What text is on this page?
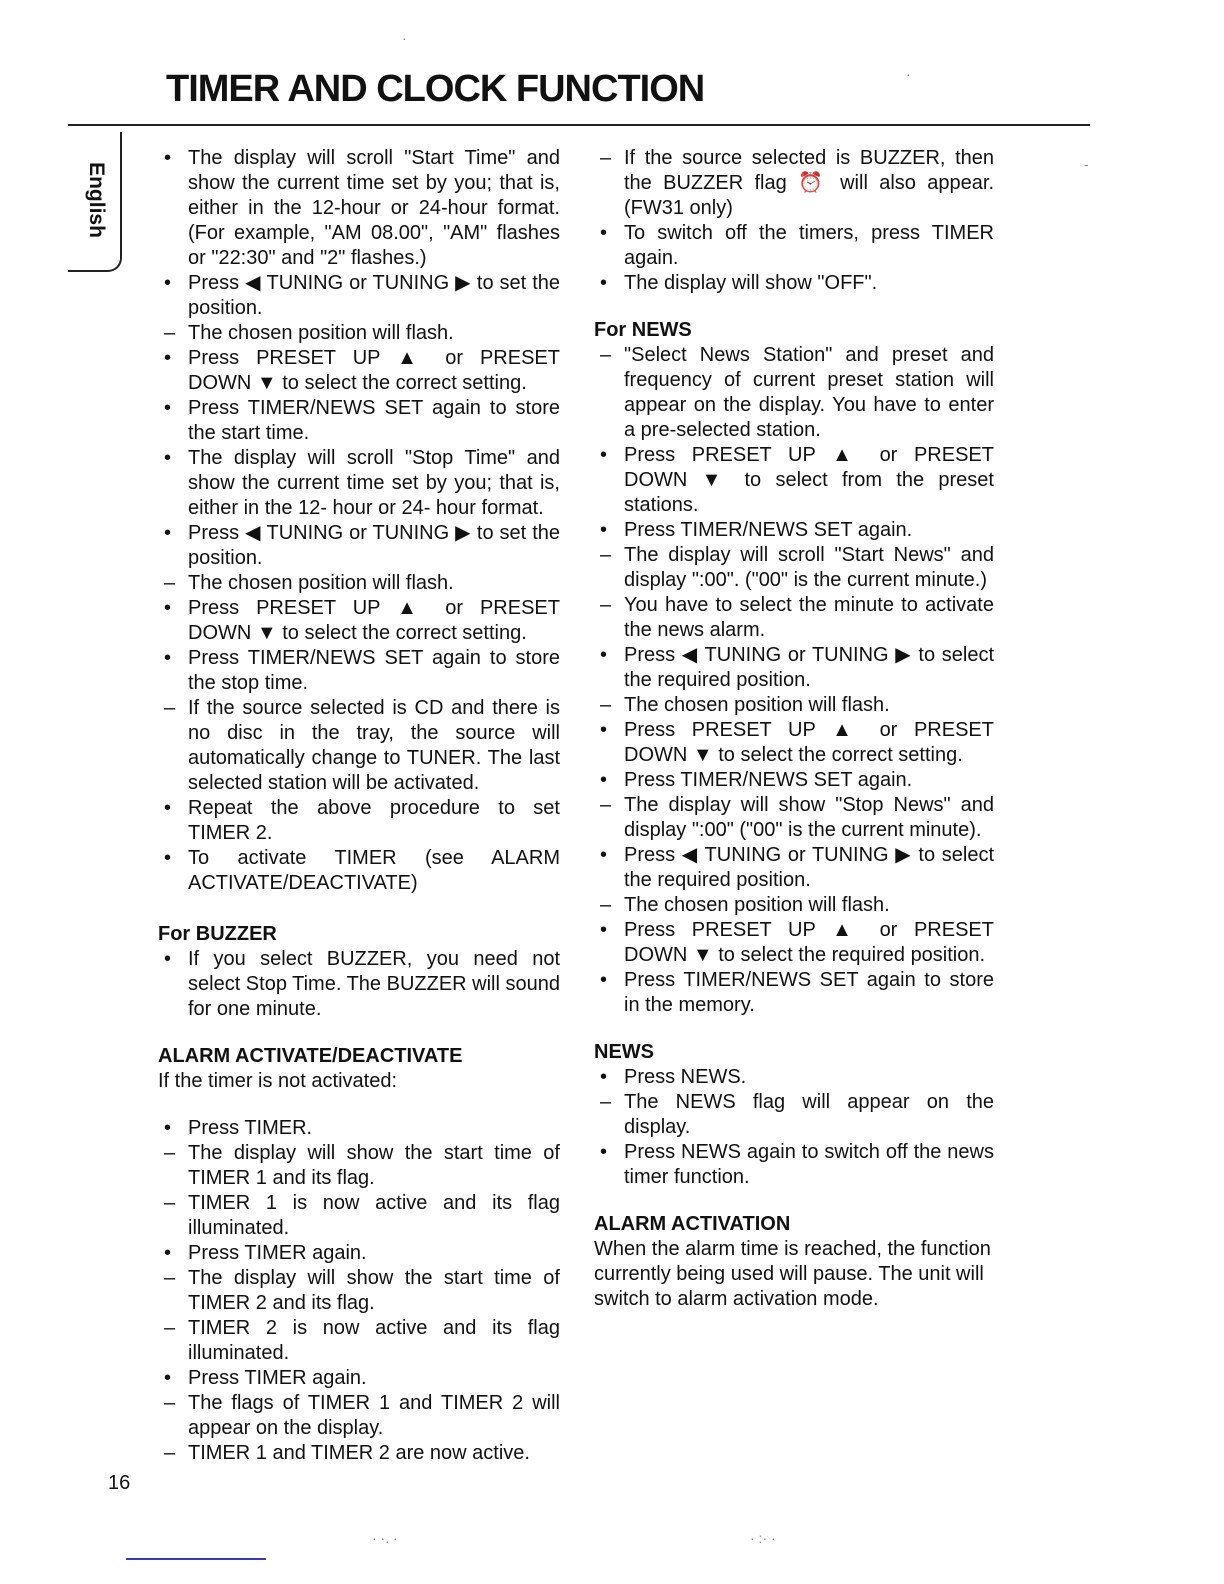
TIMER AND CLOCK FUNCTION
English
• The display will scroll "Start Time" and show the current time set by you; that is, either in the 12-hour or 24-hour format. (For example, "AM 08.00", "AM" flashes or "22:30" and "2" flashes.)
• Press ◀ TUNING or TUNING ▶ to set the position.
– The chosen position will flash.
• Press PRESET UP ▲ or PRESET DOWN ▼ to select the correct setting.
• Press TIMER/NEWS SET again to store the start time.
• The display will scroll "Stop Time" and show the current time set by you; that is, either in the 12- hour or 24- hour format.
• Press ◀ TUNING or TUNING ▶ to set the position.
– The chosen position will flash.
• Press PRESET UP ▲ or PRESET DOWN ▼ to select the correct setting.
• Press TIMER/NEWS SET again to store the stop time.
– If the source selected is CD and there is no disc in the tray, the source will automatically change to TUNER. The last selected station will be activated.
• Repeat the above procedure to set TIMER 2.
• To activate TIMER (see ALARM ACTIVATE/DEACTIVATE)
For BUZZER
• If you select BUZZER, you need not select Stop Time. The BUZZER will sound for one minute.
ALARM ACTIVATE/DEACTIVATE
If the timer is not activated:
• Press TIMER.
– The display will show the start time of TIMER 1 and its flag.
– TIMER 1 is now active and its flag illuminated.
• Press TIMER again.
– The display will show the start time of TIMER 2 and its flag.
– TIMER 2 is now active and its flag illuminated.
• Press TIMER again.
– The flags of TIMER 1 and TIMER 2 will appear on the display.
– TIMER 1 and TIMER 2 are now active.
– If the source selected is BUZZER, then the BUZZER flag ⏰ will also appear. (FW31 only)
• To switch off the timers, press TIMER again.
• The display will show "OFF".
For NEWS
– "Select News Station" and preset and frequency of current preset station will appear on the display. You have to enter a pre-selected station.
• Press PRESET UP ▲ or PRESET DOWN ▼ to select from the preset stations.
• Press TIMER/NEWS SET again.
– The display will scroll "Start News" and display ":00". ("00" is the current minute.)
– You have to select the minute to activate the news alarm.
• Press ◀ TUNING or TUNING ▶ to select the required position.
– The chosen position will flash.
• Press PRESET UP ▲ or PRESET DOWN ▼ to select the correct setting.
• Press TIMER/NEWS SET again.
– The display will show "Stop News" and display ":00" ("00" is the current minute).
• Press ◀ TUNING or TUNING ▶ to select the required position.
– The chosen position will flash.
• Press PRESET UP ▲ or PRESET DOWN ▼ to select the required position.
• Press TIMER/NEWS SET again to store in the memory.
NEWS
• Press NEWS.
– The NEWS flag will appear on the display.
• Press NEWS again to switch off the news timer function.
ALARM ACTIVATION
When the alarm time is reached, the function currently being used will pause. The unit will switch to alarm activation mode.
16
·
·
-
· ·. ·	· :· ·
